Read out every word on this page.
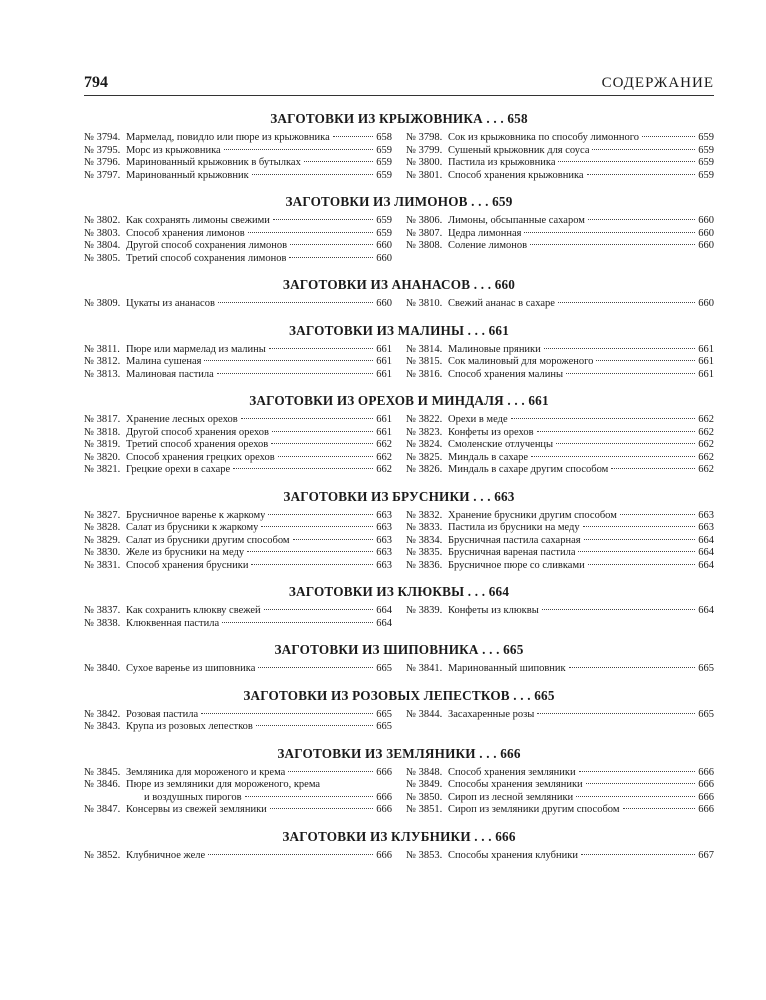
794	СОДЕРЖАНИЕ
ЗАГОТОВКИ ИЗ КРЫЖОВНИКА . . . 658
№ 3794. Мармелад, повидло или пюре из крыжовника	658
№ 3795. Морс из крыжовника	659
№ 3796. Маринованный крыжовник в бутылках	659
№ 3797. Маринованный крыжовник	659
№ 3798. Сок из крыжовника по способу лимонного	659
№ 3799. Сушеный крыжовник для соуса	659
№ 3800. Пастила из крыжовника	659
№ 3801. Способ хранения крыжовника	659
ЗАГОТОВКИ ИЗ ЛИМОНОВ . . . 659
№ 3802. Как сохранять лимоны свежими	659
№ 3803. Способ хранения лимонов	659
№ 3804. Другой способ сохранения лимонов	660
№ 3805. Третий способ сохранения лимонов	660
№ 3806. Лимоны, обсыпанные сахаром	660
№ 3807. Цедра лимонная	660
№ 3808. Соление лимонов	660
ЗАГОТОВКИ ИЗ АНАНАСОВ . . . 660
№ 3809. Цукаты из ананасов	660 № 3810. Свежий ананас в сахаре	660
ЗАГОТОВКИ ИЗ МАЛИНЫ . . . 661
№ 3811. Пюре или мармелад из малины	661
№ 3812. Малина сушеная	661
№ 3813. Малиновая пастила	661
№ 3814. Малиновые пряники	661
№ 3815. Сок малиновый для мороженого	661
№ 3816. Способ хранения малины	661
ЗАГОТОВКИ ИЗ ОРЕХОВ И МИНДАЛЯ . . . 661
№ 3817. Хранение лесных орехов	661
№ 3818. Другой способ хранения орехов	661
№ 3819. Третий способ хранения орехов	662
№ 3820. Способ хранения грецких орехов	662
№ 3821. Грецкие орехи в сахаре	662
№ 3822. Орехи в меде	662
№ 3823. Конфеты из орехов	662
№ 3824. Смоленские отлученцы	662
№ 3825. Миндаль в сахаре	662
№ 3826. Миндаль в сахаре другим способом	662
ЗАГОТОВКИ ИЗ БРУСНИКИ . . . 663
№ 3827. Брусничное варенье к жаркому	663
№ 3828. Салат из брусники к жаркому	663
№ 3829. Салат из брусники другим способом	663
№ 3830. Желе из брусники на меду	663
№ 3831. Способ хранения брусники	663
№ 3832. Хранение брусники другим способом	663
№ 3833. Пастила из брусники на меду	663
№ 3834. Брусничная пастила сахарная	664
№ 3835. Брусничная вареная пастила	664
№ 3836. Брусничное пюре со сливками	664
ЗАГОТОВКИ ИЗ КЛЮКВЫ . . . 664
№ 3837. Как сохранить клюкву свежей	664
№ 3838. Клюквенная пастила	664
№ 3839. Конфеты из клюквы	664
ЗАГОТОВКИ ИЗ ШИПОВНИКА . . . 665
№ 3840. Сухое варенье из шиповника	665 № 3841. Маринованный шиповник	665
ЗАГОТОВКИ ИЗ РОЗОВЫХ ЛЕПЕСТКОВ . . . 665
№ 3842. Розовая пастила	665
№ 3843. Крупа из розовых лепестков	665
№ 3844. Засахаренные розы	665
ЗАГОТОВКИ ИЗ ЗЕМЛЯНИКИ . . . 666
№ 3845. Земляника для мороженого и крема	666
№ 3846. Пюре из земляники для мороженого, крема
и воздушных пирогов	666
№ 3847. Консервы из свежей земляники	666
№ 3848. Способ хранения земляники	666
№ 3849. Способы хранения земляники	666
№ 3850. Сироп из лесной земляники	666
№ 3851. Сироп из земляники другим способом	666
ЗАГОТОВКИ ИЗ КЛУБНИКИ . . . 666
№ 3852. Клубничное желе	666 № 3853. Способы хранения клубники	667
